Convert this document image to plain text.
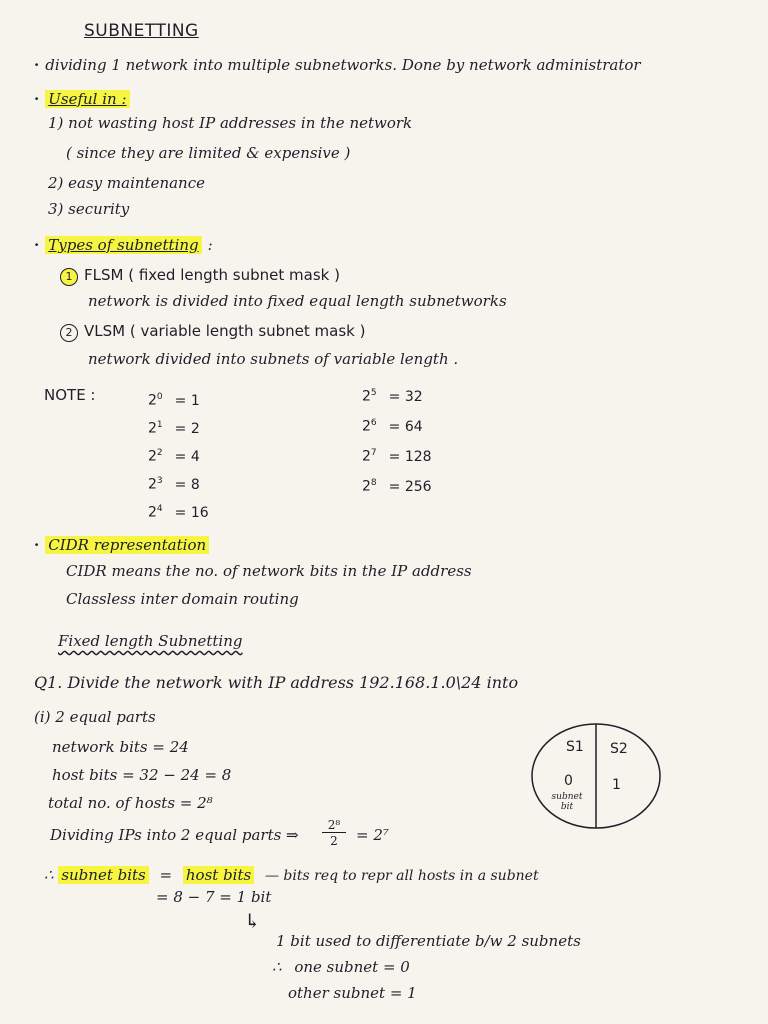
SUBNETTING
· dividing 1 network into multiple subnetworks. Done by network administrator
· Useful in :
1) not wasting host IP addresses in the network
( since they are limited & expensive )
2) easy maintenance
3) security
· Types of subnetting :
1 FLSM ( fixed length subnet mask )
network is divided into fixed equal length subnetworks
2 VLSM ( variable length subnet mask )
network divided into subnets of variable length .
NOTE :	$2^0 = 1$
$2^1 = 2$
$2^2 = 4$
$2^3 = 8$
$2^4 = 16$
$2^5 = 32$
$2^6 = 64$
$2^7 = 128$
$2^8 = 256$
· CIDR representation
CIDR means the no. of network bits in the IP address
Classless inter domain routing
Fixed length Subnetting
Q1. Divide the network with IP address 192.168.1.0\24 into
(i) 2 equal parts
network bits = 24
host bits = 32 − 24 = 8
total no. of hosts = 2⁸
Dividing IPs into 2 equal parts ⇒
2⁸
2	= 2⁷
∴ subnet bits = host bits — bits req to repr all hosts in a subnet
= 8 − 7 = 1 bit
↳
1 bit used to differentiate b/w 2 subnets
∴ one subnet = 0
other subnet = 1
S1 S2
0	1
subnet bit
